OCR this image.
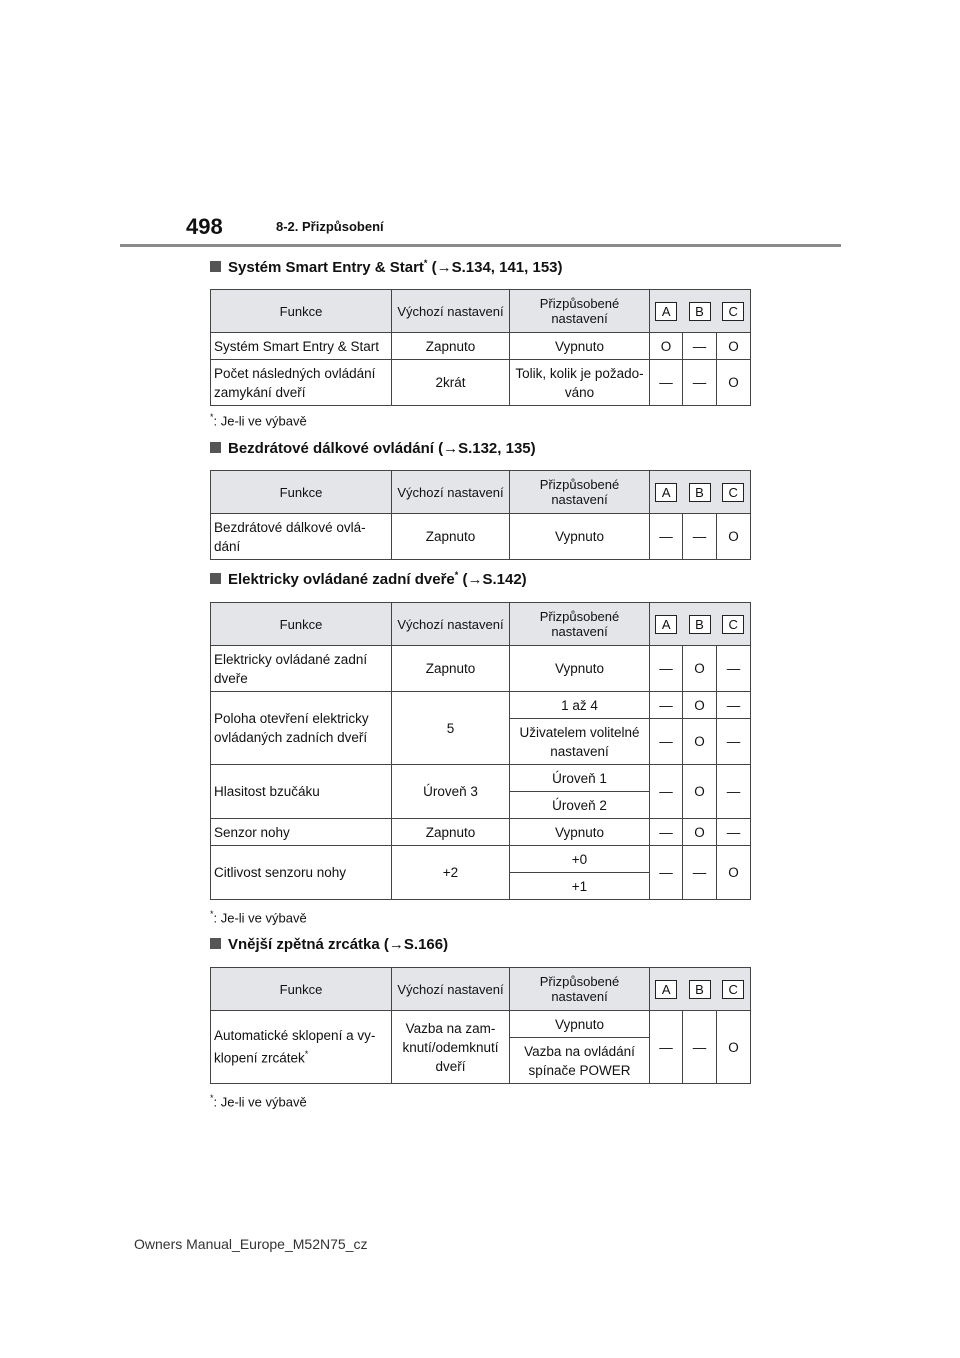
498	8-2. Přizpůsobení
Systém Smart Entry & Start* (→S.134, 141, 153)
Funkce	Výchozí nastavení	Přizpůsobené nastavení	A	B	C
Systém Smart Entry & Start	Zapnuto	Vypnuto	O	—	O
Počet následných ovládání zamykání dveří	2krát	Tolik, kolik je požado-váno	—	—	O
*: Je-li ve výbavě
Bezdrátové dálkové ovládání (→S.132, 135)
Funkce	Výchozí nastavení	Přizpůsobené nastavení	A	B	C
Bezdrátové dálkové ovlá-dání	Zapnuto	Vypnuto	—	—	O
Elektricky ovládané zadní dveře* (→S.142)
Funkce	Výchozí nastavení	Přizpůsobené nastavení	A	B	C
Elektricky ovládané zadní dveře	Zapnuto	Vypnuto	—	O	—
Poloha otevření elektricky ovládaných zadních dveří	5	1 až 4	—	O	—
		Uživatelem volitelné nastavení	—	O	—
Hlasitost bzučáku	Úroveň 3	Úroveň 1	—	O	—
		Úroveň 2			
Senzor nohy	Zapnuto	Vypnuto	—	O	—
Citlivost senzoru nohy	+2	+0	—	—	O
		+1			
*: Je-li ve výbavě
Vnější zpětná zrcátka (→S.166)
Funkce	Výchozí nastavení	Přizpůsobené nastavení	A	B	C
Automatické sklopení a vy-klopení zrcátek*	Vazba na zam-knutí/odemknutí dveří	Vypnuto	—	—	O
		Vazba na ovládání spínače POWER			
*: Je-li ve výbavě
Owners Manual_Europe_M52N75_cz
